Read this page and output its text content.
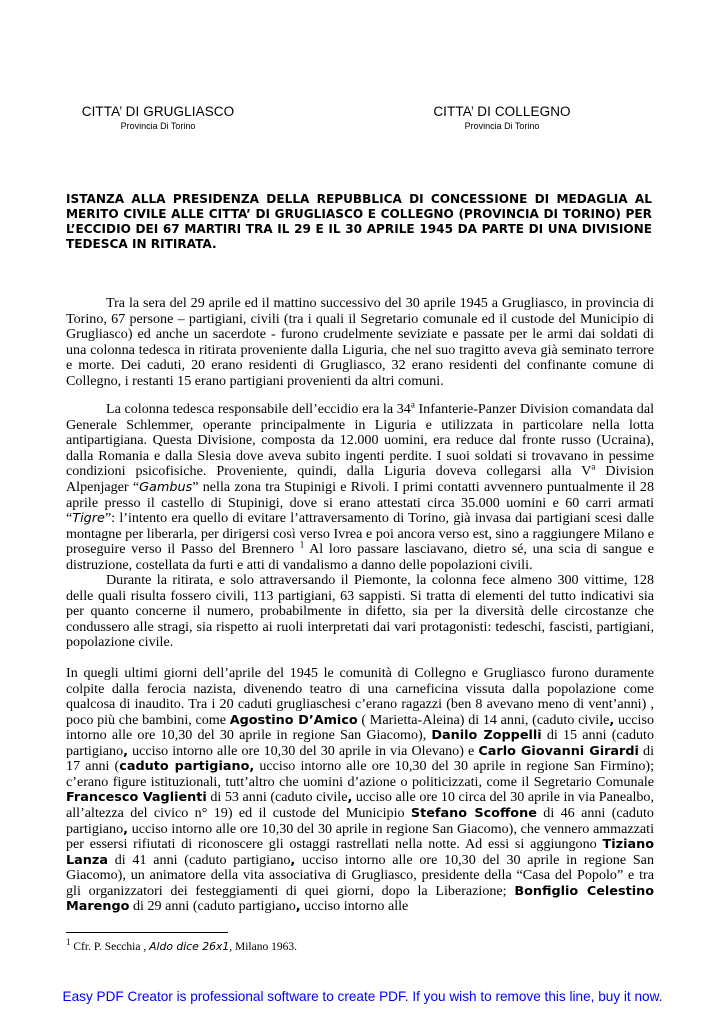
CITTA’ DI GRUGLIASCO
Provincia Di Torino
CITTA’ DI COLLEGNO
Provincia Di Torino
ISTANZA ALLA PRESIDENZA DELLA REPUBBLICA DI CONCESSIONE DI MEDAGLIA AL MERITO CIVILE ALLE CITTA’ DI GRUGLIASCO E COLLEGNO (PROVINCIA DI TORINO) PER L’ECCIDIO DEI 67 MARTIRI TRA IL 29 E IL 30 APRILE 1945 DA PARTE DI UNA DIVISIONE TEDESCA IN RITIRATA.

Tra la sera del 29 aprile ed il mattino successivo del 30 aprile 1945 a Grugliasco, in provincia di Torino, 67 persone – partigiani, civili (tra i quali il Segretario comunale ed il custode del Municipio di Grugliasco) ed anche un sacerdote - furono crudelmente seviziate e passate per le armi dai soldati di una colonna tedesca in ritirata proveniente dalla Liguria, che nel suo tragitto aveva già seminato terrore e morte. Dei caduti, 20 erano residenti di Grugliasco, 32 erano residenti del confinante comune di Collegno, i restanti 15 erano partigiani provenienti da altri comuni.

La colonna tedesca responsabile dell’eccidio era la 34$^a$ Infanterie-Panzer Division comandata dal Generale Schlemmer, operante principalmente in Liguria e utilizzata in particolare nella lotta antipartigiana. Questa Divisione, composta da 12.000 uomini, era reduce dal fronte russo (Ucraina), dalla Romania e dalla Slesia dove aveva subito ingenti perdite. I suoi soldati si trovavano in pessime condizioni psicofisiche. Proveniente, quindi, dalla Liguria doveva collegarsi alla $V^a$ Division Alpenjager “Gambus” nella zona tra Stupinigi e Rivoli. I primi contatti avvennero puntualmente il 28 aprile presso il castello di Stupinigi, dove si erano attestati circa 35.000 uomini e 60 carri armati “Tigre”: l’intento era quello di evitare l’attraversamento di Torino, già invasa dai partigiani scesi dalle montagne per liberarla, per dirigersi così verso Ivrea e poi ancora verso est, sino a raggiungere Milano e proseguire verso il Passo del Brennero $^1$ Al loro passare lasciavano, dietro sé, una scia di sangue e distruzione, costellata da furti e atti di vandalismo a danno delle popolazioni civili.

Durante la ritirata, e solo attraversando il Piemonte, la colonna fece almeno 300 vittime, 128 delle quali risulta fossero civili, 113 partigiani, 63 sappisti. Si tratta di elementi del tutto indicativi sia per quanto concerne il numero, probabilmente in difetto, sia per la diversità delle circostanze che condussero alle stragi, sia rispetto ai ruoli interpretati dai vari protagonisti: tedeschi, fascisti, partigiani, popolazione civile.

In quegli ultimi giorni dell’aprile del 1945 le comunità di Collegno e Grugliasco furono duramente colpite dalla ferocia nazista, divenendo teatro di una carneficina vissuta dalla popolazione come qualcosa di inaudito. Tra i 20 caduti grugliaschesi c’erano ragazzi (ben 8 avevano meno di vent’anni) , poco più che bambini, come Agostino D’Amico ( Marietta-Aleina) di 14 anni, (caduto civile, ucciso intorno alle ore 10,30 del 30 aprile in regione San Giacomo), Danilo Zoppelli di 15 anni (caduto partigiano, ucciso intorno alle ore 10,30 del 30 aprile in via Olevano) e Carlo Giovanni Girardi di 17 anni (caduto partigiano, ucciso intorno alle ore 10,30 del 30 aprile in regione San Firmino); c’erano figure istituzionali, tutt’altro che uomini d’azione o politicizzati, come il Segretario Comunale Francesco Vaglienti di 53 anni (caduto civile, ucciso alle ore 10 circa del 30 aprile in via Panealbo, all’altezza del civico n° 19) ed il custode del Municipio Stefano Scoffone di 46 anni (caduto partigiano, ucciso intorno alle ore 10,30 del 30 aprile in regione San Giacomo), che vennero ammazzati per essersi rifiutati di riconoscere gli ostaggi rastrellati nella notte. Ad essi si aggiungono Tiziano Lanza di 41 anni (caduto partigiano, ucciso intorno alle ore 10,30 del 30 aprile in regione San Giacomo), un animatore della vita associativa di Grugliasco, presidente della “Casa del Popolo” e tra gli organizzatori dei festeggiamenti di quei giorni, dopo la Liberazione; Bonfiglio Celestino Marengo di 29 anni (caduto partigiano, ucciso intorno alle

$^1$ Cfr. P. Secchia , Aldo dice 26x1, Milano 1963.
Easy PDF Creator is professional software to create PDF. If you wish to remove this line, buy it now.
